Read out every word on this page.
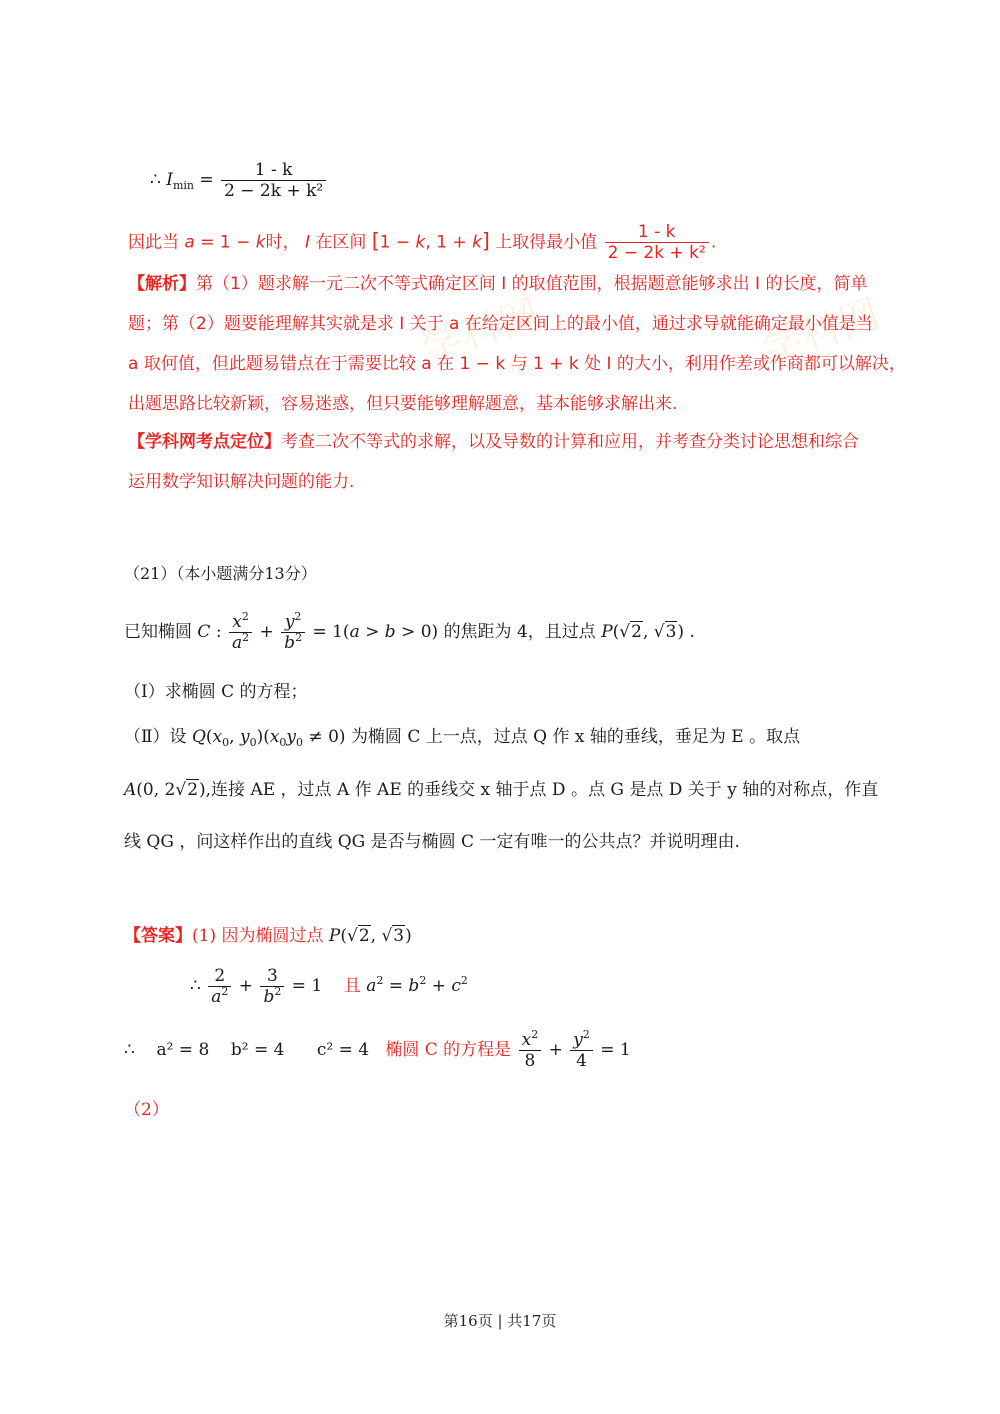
学科网	学科网
∴ $I_{min} = \frac{1 - k}{\text{2 − 2k + k²}}$
因此当 a = 1 − k时， I 在区间 [1 − k, 1 + k] 上取得最小值 $\frac{1 - k}{\text{2 − 2k + k²}}$ .
【解析】第（1）题求解一元二次不等式确定区间 I 的取值范围，根据题意能够求出 I 的长度，简单
题；第（2）题要能理解其实就是求 I 关于 a 在给定区间上的最小值，通过求导就能确定最小值是当
a 取何值，但此题易错点在于需要比较 a 在 1 − k 与 1 + k 处 I 的大小，利用作差或作商都可以解决，
出题思路比较新颖，容易迷惑，但只要能够理解题意，基本能够求解出来.
【学科网考点定位】考查二次不等式的求解，以及导数的计算和应用，并考查分类讨论思想和综合
运用数学知识解决问题的能力.
（21）（本小题满分13分）
已知椭圆 C : $\frac{x^2}{a^2} + \frac{y^2}{b^2} = 1(a > b > 0)$ 的焦距为 4，且过点 P(√2, √3) .
（Ⅰ）求椭圆 C 的方程；
（Ⅱ）设 $Q(x_0$, $y_0)(x_0y_0 \ne 0)$ 为椭圆 C 上一点，过点 Q 作 x 轴的垂线，垂足为 E 。取点
A(0, 2√2),连接 AE ，过点 A 作 AE 的垂线交 x 轴于点 D 。点 G 是点 D 关于 y 轴的对称点，作直
线 QG ，问这样作出的直线 QG 是否与椭圆 C 一定有唯一的公共点？并说明理由.
【答案】(1) 因为椭圆过点 P(√2, √3)
∴ $\frac{2}{a^2} + \frac{3}{b^2} = 1$    且 $a^2 = b^2 + c^2$
∴ a² = 8 b² = 4 c² = 4 椭圆 C 的方程是 $\frac{x^2}{8} + \frac{y^2}{4} = 1$
（2）
第16页 | 共17页
